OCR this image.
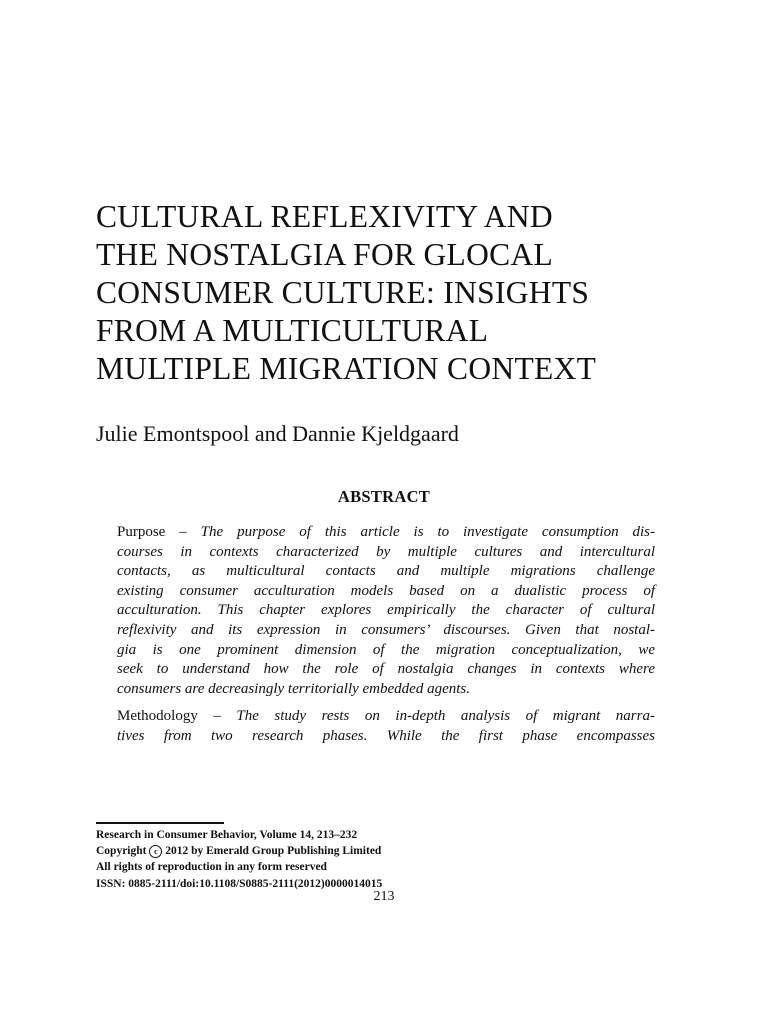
CULTURAL REFLEXIVITY AND
THE NOSTALGIA FOR GLOCAL
CONSUMER CULTURE: INSIGHTS
FROM A MULTICULTURAL
MULTIPLE MIGRATION CONTEXT
Julie Emontspool and Dannie Kjeldgaard
ABSTRACT
Purpose – The purpose of this article is to investigate consumption dis-
courses in contexts characterized by multiple cultures and intercultural
contacts, as multicultural contacts and multiple migrations challenge
existing consumer acculturation models based on a dualistic process of
acculturation. This chapter explores empirically the character of cultural
reflexivity and its expression in consumers’ discourses. Given that nostal-
gia is one prominent dimension of the migration conceptualization, we
seek to understand how the role of nostalgia changes in contexts where
consumers are decreasingly territorially embedded agents.
Methodology – The study rests on in-depth analysis of migrant narra-
tives from two research phases. While the first phase encompasses
Research in Consumer Behavior, Volume 14, 213–232
Copyright c 2012 by Emerald Group Publishing Limited
All rights of reproduction in any form reserved
ISSN: 0885-2111/doi:10.1108/S0885-2111(2012)0000014015
213
